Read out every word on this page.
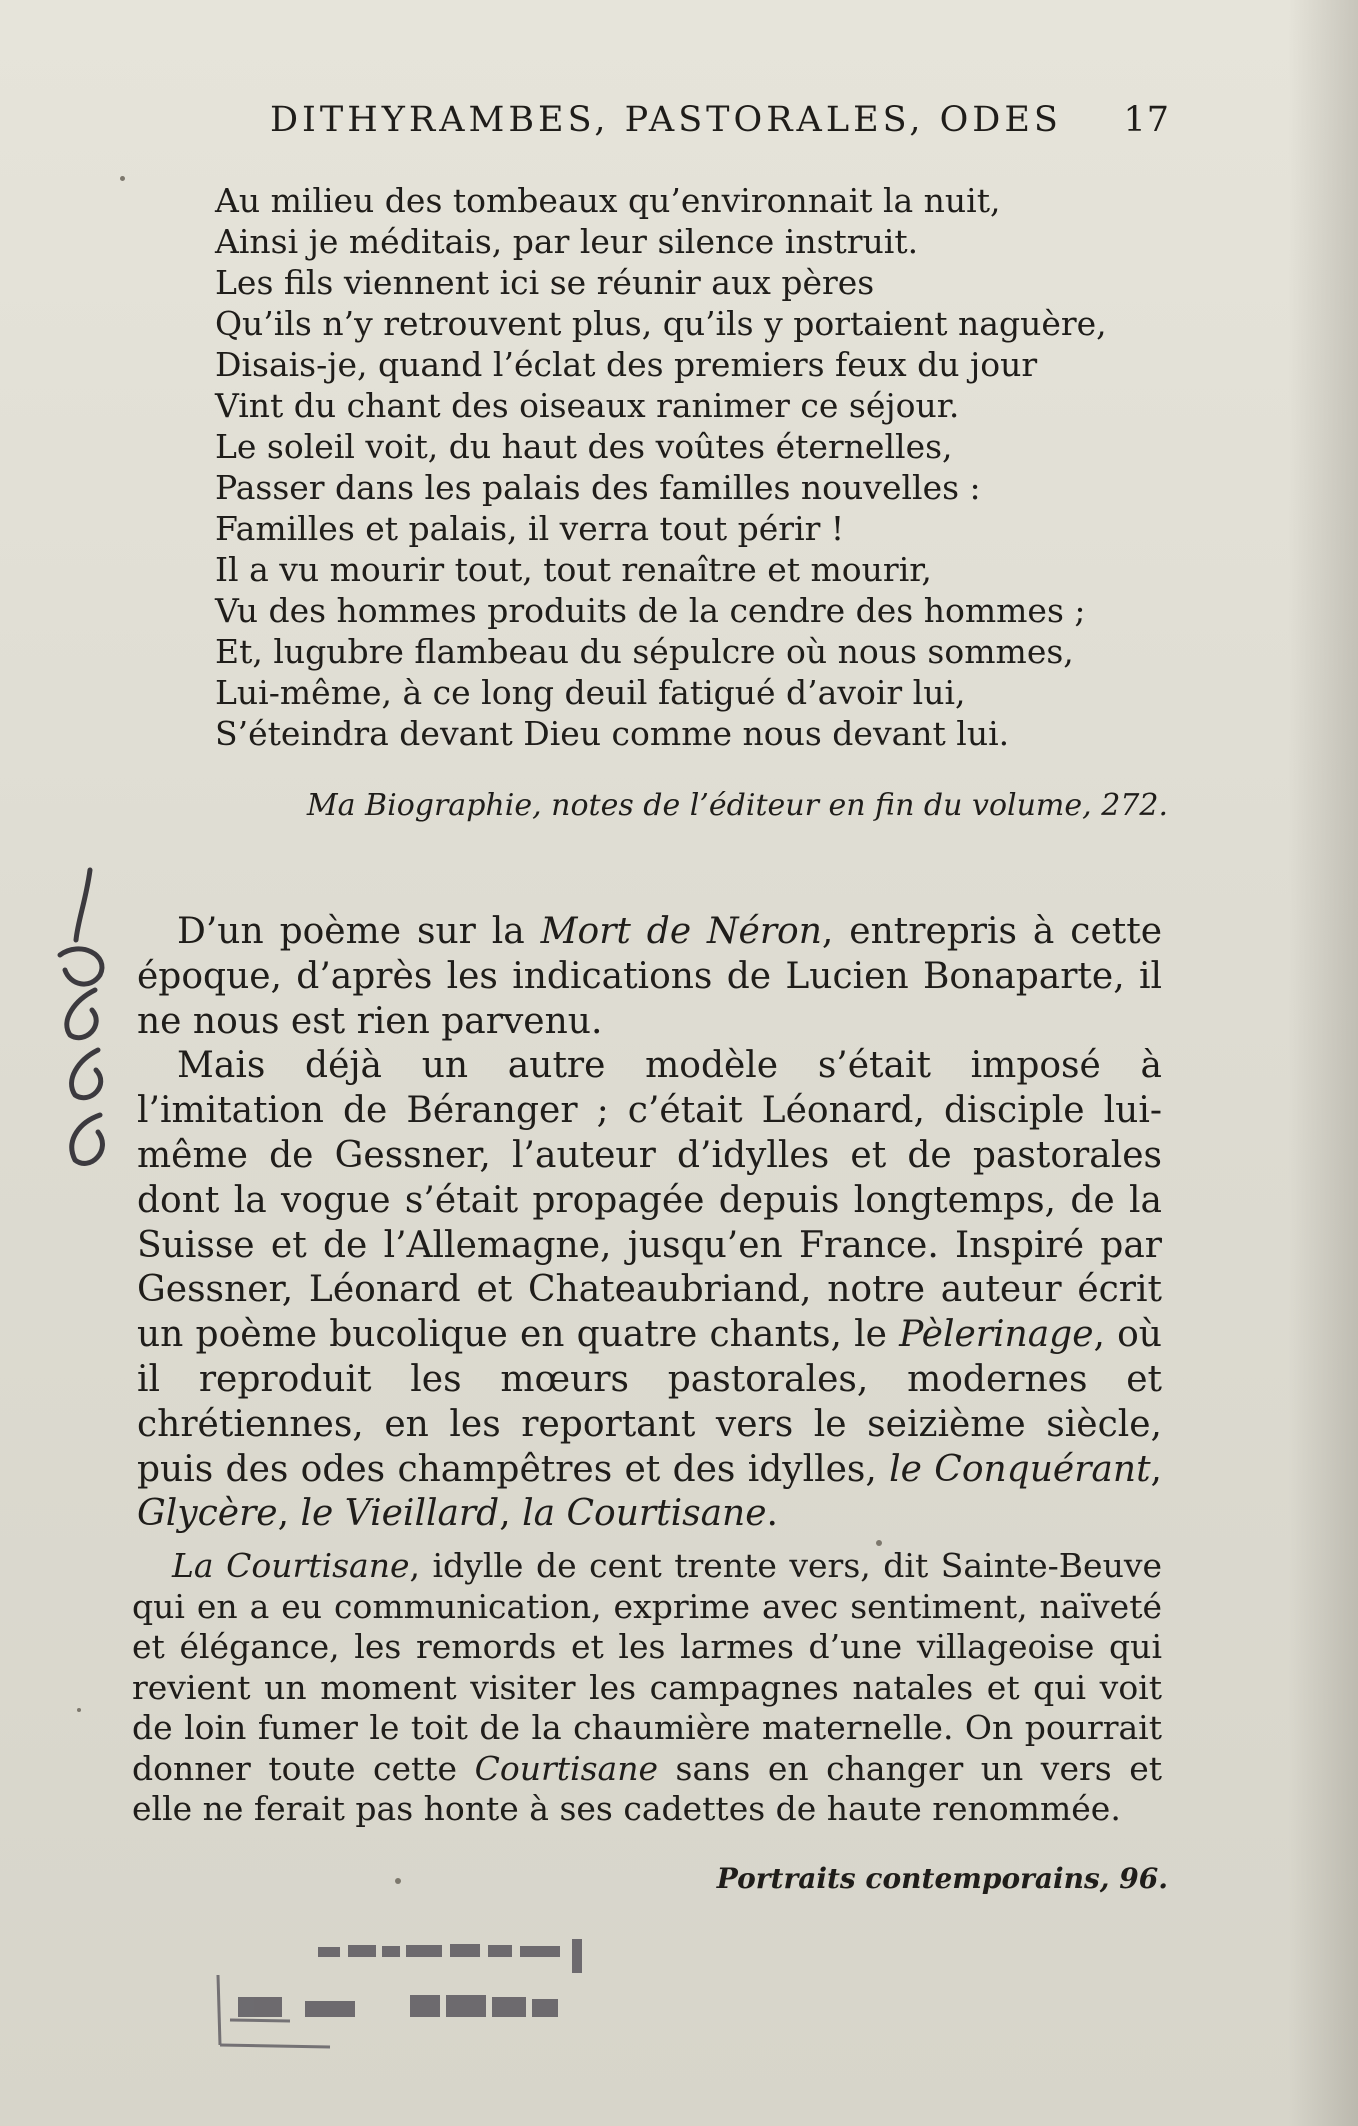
DITHYRAMBES, PASTORALES, ODES 17
Au milieu des tombeaux qu’environnait la nuit,
Ainsi je méditais, par leur silence instruit.
Les fils viennent ici se réunir aux pères
Qu’ils n’y retrouvent plus, qu’ils y portaient naguère,
Disais-je, quand l’éclat des premiers feux du jour
Vint du chant des oiseaux ranimer ce séjour.
Le soleil voit, du haut des voûtes éternelles,
Passer dans les palais des familles nouvelles :
Familles et palais, il verra tout périr !
Il a vu mourir tout, tout renaître et mourir,
Vu des hommes produits de la cendre des hommes ;
Et, lugubre flambeau du sépulcre où nous sommes,
Lui-même, à ce long deuil fatigué d’avoir lui,
S’éteindra devant Dieu comme nous devant lui.
Ma Biographie, notes de l’éditeur en fin du volume, 272.

D’un poème sur la Mort de Néron, entrepris à cette époque, d’après les indications de Lucien Bonaparte, il ne nous est rien parvenu.

Mais déjà un autre modèle s’était imposé à l’imitation de Béranger ; c’était Léonard, disciple lui-même de Gessner, l’auteur d’idylles et de pastorales dont la vogue s’était propagée depuis longtemps, de la Suisse et de l’Allemagne, jusqu’en France. Inspiré par Gessner, Léonard et Chateaubriand, notre auteur écrit un poème bucolique en quatre chants, le Pèlerinage, où il reproduit les mœurs pastorales, modernes et chrétiennes, en les reportant vers le seizième siècle, puis des odes champêtres et des idylles, le Conquérant, Glycère, le Vieillard, la Courtisane.

La Courtisane, idylle de cent trente vers, dit Sainte-Beuve qui en a eu communication, exprime avec sentiment, naïveté et élégance, les remords et les larmes d’une villageoise qui revient un moment visiter les campagnes natales et qui voit de loin fumer le toit de la chaumière maternelle. On pourrait donner toute cette Courtisane sans en changer un vers et elle ne ferait pas honte à ses cadettes de haute renommée.

Portraits contemporains, 96.
